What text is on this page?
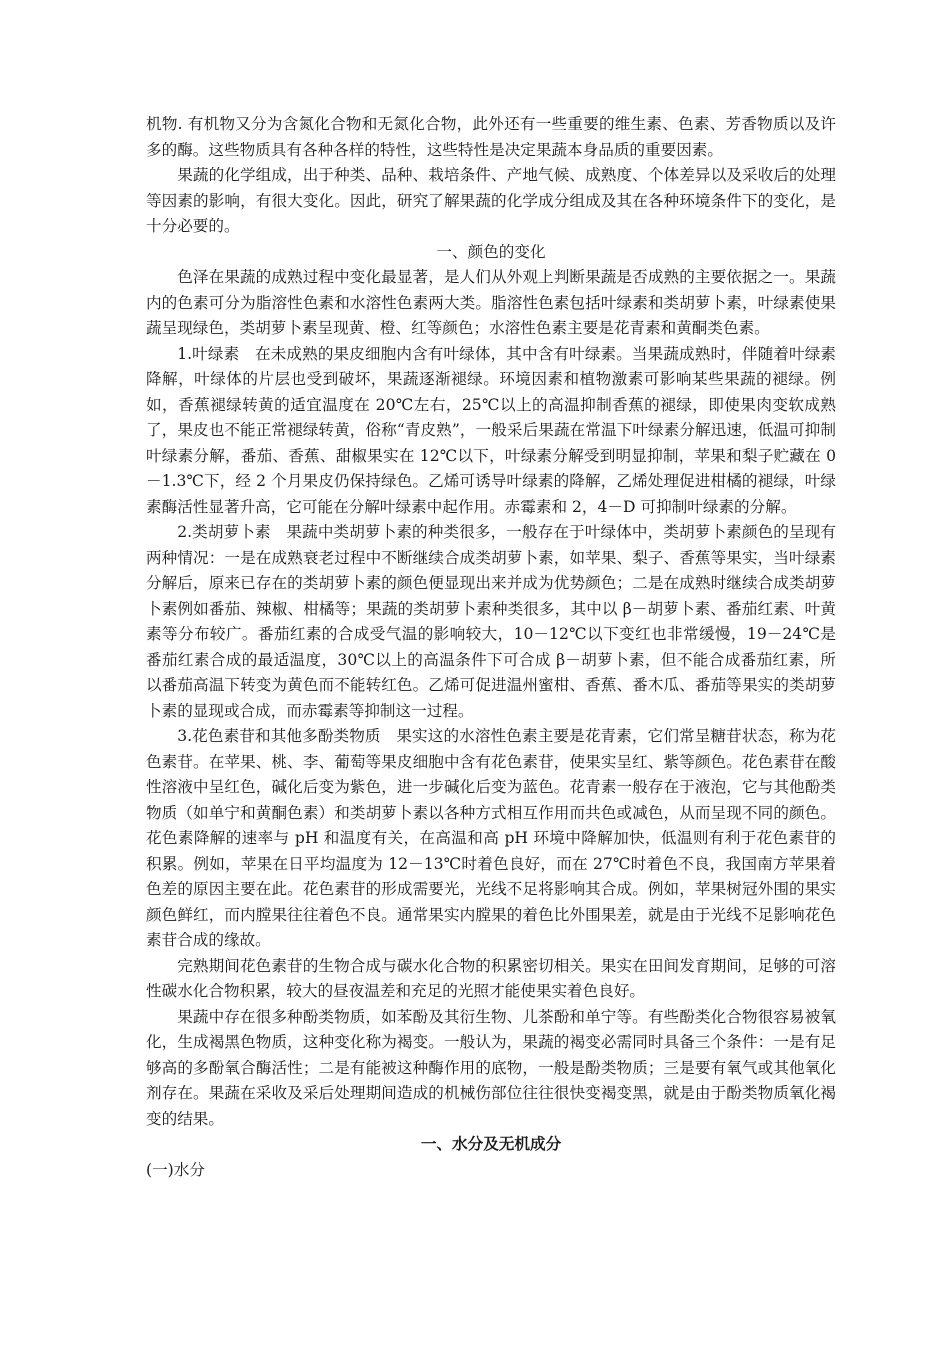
机物. 有机物又分为含氮化合物和无氮化合物，此外还有一些重要的维生素、色素、芳香物质以及许多的酶。这些物质具有各种各样的特性，这些特性是决定果蔬本身品质的重要因素。

果蔬的化学组成，出于种类、品种、栽培条件、产地气候、成熟度、个体差异以及采收后的处理等因素的影响，有很大变化。因此，研究了解果蔬的化学成分组成及其在各种环境条件下的变化，是十分必要的。

一、颜色的变化

色泽在果蔬的成熟过程中变化最显著，是人们从外观上判断果蔬是否成熟的主要依据之一。果蔬内的色素可分为脂溶性色素和水溶性色素两大类。脂溶性色素包括叶绿素和类胡萝卜素，叶绿素使果蔬呈现绿色，类胡萝卜素呈现黄、橙、红等颜色；水溶性色素主要是花青素和黄酮类色素。

1.叶绿素　在未成熟的果皮细胞内含有叶绿体，其中含有叶绿素。当果蔬成熟时，伴随着叶绿素降解，叶绿体的片层也受到破坏，果蔬逐渐褪绿。环境因素和植物激素可影响某些果蔬的褪绿。例如，香蕉褪绿转黄的适宜温度在 20℃左右，25℃以上的高温抑制香蕉的褪绿，即使果肉变软成熟了，果皮也不能正常褪绿转黄，俗称“青皮熟”，一般采后果蔬在常温下叶绿素分解迅速，低温可抑制叶绿素分解，番茄、香蕉、甜椒果实在 12℃以下，叶绿素分解受到明显抑制，苹果和梨子贮藏在 0－1.3℃下，经 2 个月果皮仍保持绿色。乙烯可诱导叶绿素的降解，乙烯处理促进柑橘的褪绿，叶绿素酶活性显著升高，它可能在分解叶绿素中起作用。赤霉素和 2，4－D 可抑制叶绿素的分解。

2.类胡萝卜素　果蔬中类胡萝卜素的种类很多，一般存在于叶绿体中，类胡萝卜素颜色的呈现有两种情况：一是在成熟衰老过程中不断继续合成类胡萝卜素，如苹果、梨子、香蕉等果实，当叶绿素分解后，原来已存在的类胡萝卜素的颜色便显现出来并成为优势颜色；二是在成熟时继续合成类胡萝卜素例如番茄、辣椒、柑橘等；果蔬的类胡萝卜素种类很多，其中以 β－胡萝卜素、番茄红素、叶黄素等分布较广。番茄红素的合成受气温的影响较大，10－12℃以下变红也非常缓慢，19－24℃是番茄红素合成的最适温度，30℃以上的高温条件下可合成 β－胡萝卜素，但不能合成番茄红素，所以番茄高温下转变为黄色而不能转红色。乙烯可促进温州蜜柑、香蕉、番木瓜、番茄等果实的类胡萝卜素的显现或合成，而赤霉素等抑制这一过程。

3.花色素苷和其他多酚类物质　果实这的水溶性色素主要是花青素，它们常呈糖苷状态，称为花色素苷。在苹果、桃、李、葡萄等果皮细胞中含有花色素苷，使果实呈红、紫等颜色。花色素苷在酸性溶液中呈红色，碱化后变为紫色，进一步碱化后变为蓝色。花青素一般存在于液泡，它与其他酚类物质（如单宁和黄酮色素）和类胡萝卜素以各种方式相互作用而共色或减色，从而呈现不同的颜色。花色素降解的速率与 pH 和温度有关，在高温和高 pH 环境中降解加快，低温则有利于花色素苷的积累。例如，苹果在日平均温度为 12－13℃时着色良好，而在 27℃时着色不良，我国南方苹果着色差的原因主要在此。花色素苷的形成需要光，光线不足将影响其合成。例如，苹果树冠外围的果实颜色鲜红，而内膛果往往着色不良。通常果实内膛果的着色比外围果差，就是由于光线不足影响花色素苷合成的缘故。

完熟期间花色素苷的生物合成与碳水化合物的积累密切相关。果实在田间发育期间，足够的可溶性碳水化合物积累，较大的昼夜温差和充足的光照才能使果实着色良好。

果蔬中存在很多种酚类物质，如苯酚及其衍生物、儿茶酚和单宁等。有些酚类化合物很容易被氧化，生成褐黑色物质，这种变化称为褐变。一般认为，果蔬的褐变必需同时具备三个条件：一是有足够高的多酚氧合酶活性；二是有能被这种酶作用的底物，一般是酚类物质；三是要有氧气或其他氧化剂存在。果蔬在采收及采后处理期间造成的机械伤部位往往很快变褐变黑，就是由于酚类物质氧化褐变的结果。

一、水分及无机成分

(一)水分
